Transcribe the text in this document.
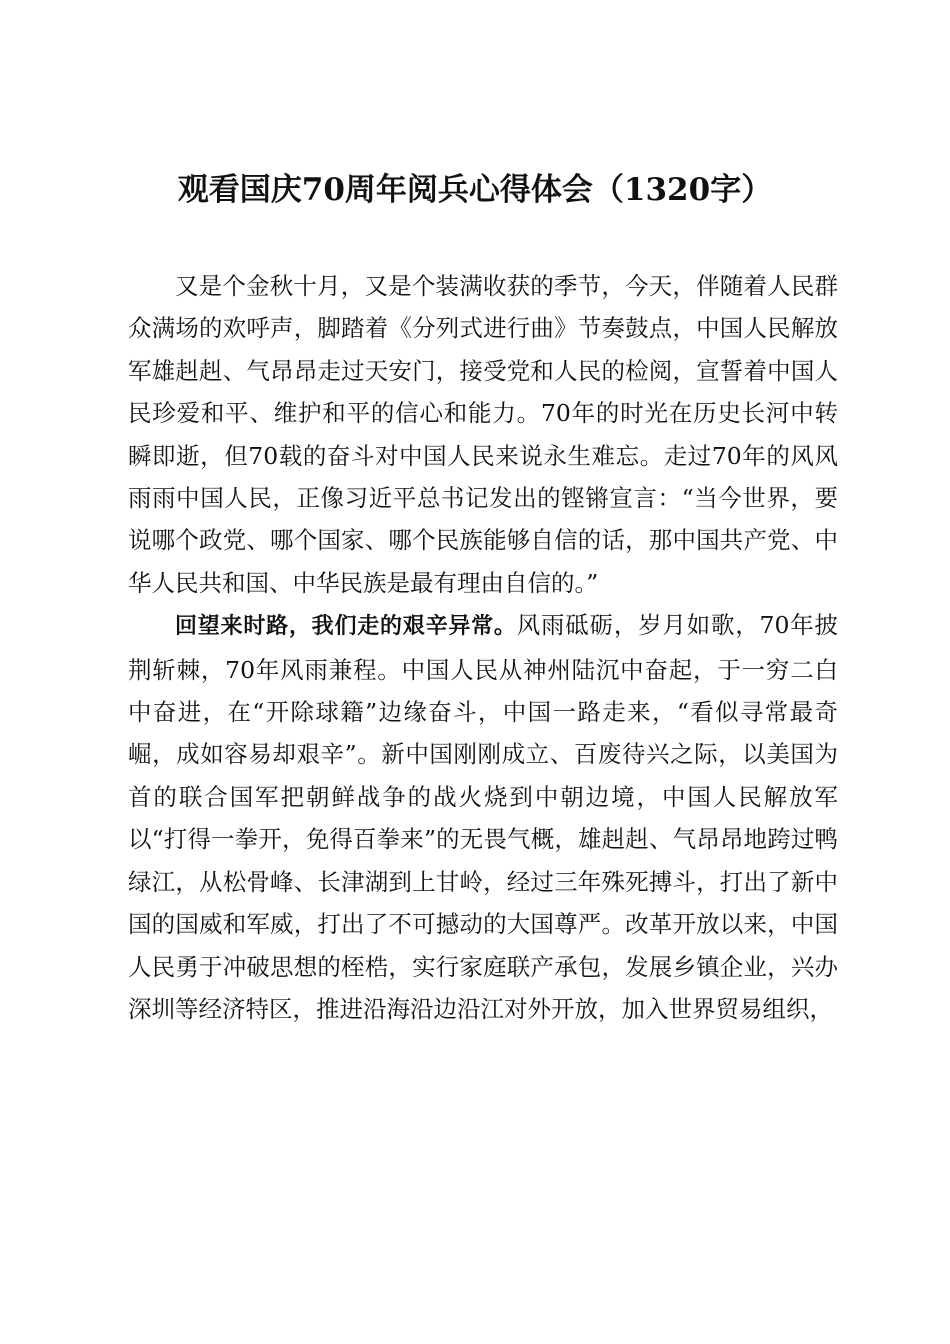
观看国庆70周年阅兵心得体会（1320字）

又是个金秋十月，又是个装满收获的季节，今天，伴随着人民群众满场的欢呼声，脚踏着《分列式进行曲》节奏鼓点，中国人民解放军雄赳赳、气昂昂走过天安门，接受党和人民的检阅，宣誓着中国人民珍爱和平、维护和平的信心和能力。70年的时光在历史长河中转瞬即逝，但70载的奋斗对中国人民来说永生难忘。走过70年的风风雨雨中国人民，正像习近平总书记发出的铿锵宣言：“当今世界，要说哪个政党、哪个国家、哪个民族能够自信的话，那中国共产党、中华人民共和国、中华民族是最有理由自信的。”

回望来时路，我们走的艰辛异常。风雨砥砺，岁月如歌，70年披荆斩棘，70年风雨兼程。中国人民从神州陆沉中奋起，于一穷二白中奋进，在“开除球籍”边缘奋斗，中国一路走来，“看似寻常最奇崛，成如容易却艰辛”。新中国刚刚成立、百废待兴之际，以美国为首的联合国军把朝鲜战争的战火烧到中朝边境，中国人民解放军以“打得一拳开，免得百拳来”的无畏气概，雄赳赳、气昂昂地跨过鸭绿江，从松骨峰、长津湖到上甘岭，经过三年殊死搏斗，打出了新中国的国威和军威，打出了不可撼动的大国尊严。改革开放以来，中国人民勇于冲破思想的桎梏，实行家庭联产承包，发展乡镇企业，兴办深圳等经济特区，推进沿海沿边沿江对外开放，加入世界贸易组织，
